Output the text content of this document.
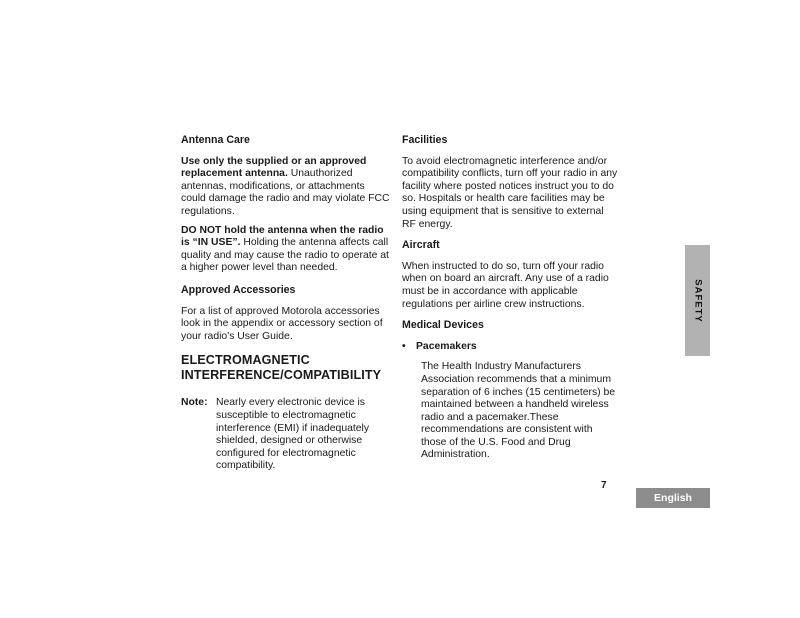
Antenna Care
Use only the supplied or an approved replacement antenna. Unauthorized antennas, modifications, or attachments could damage the radio and may violate FCC regulations.
DO NOT hold the antenna when the radio is “IN USE”. Holding the antenna affects call quality and may cause the radio to operate at a higher power level than needed.
Approved Accessories
For a list of approved Motorola accessories look in the appendix or accessory section of your radio's User Guide.
ELECTROMAGNETIC INTERFERENCE/COMPATIBILITY
Note: Nearly every electronic device is susceptible to electromagnetic interference (EMI) if inadequately shielded, designed or otherwise configured for electromagnetic compatibility.
Facilities
To avoid electromagnetic interference and/or compatibility conflicts, turn off your radio in any facility where posted notices instruct you to do so. Hospitals or health care facilities may be using equipment that is sensitive to external RF energy.
Aircraft
When instructed to do so, turn off your radio when on board an aircraft. Any use of a radio must be in accordance with applicable regulations per airline crew instructions.
Medical Devices
• Pacemakers
The Health Industry Manufacturers Association recommends that a minimum separation of 6 inches (15 centimeters) be maintained between a handheld wireless radio and a pacemaker.These recommendations are consistent with those of the U.S. Food and Drug Administration.
SAFETY
7
English
